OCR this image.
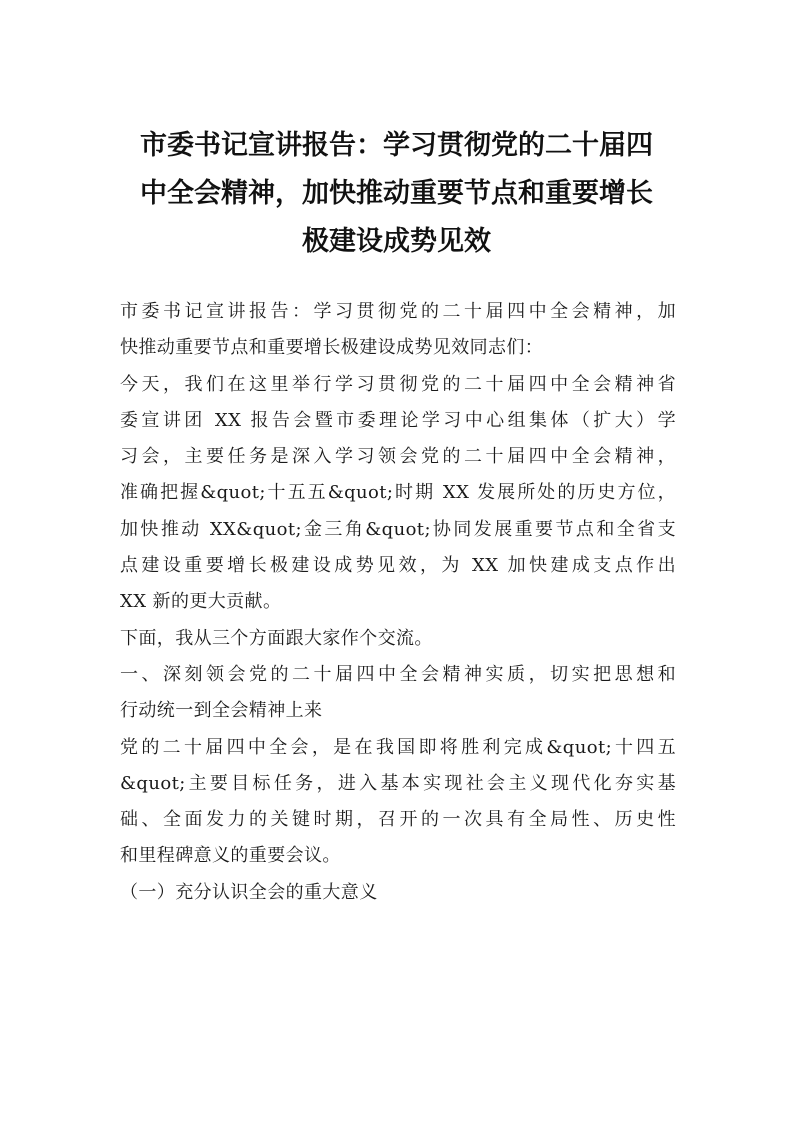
市委书记宣讲报告：学习贯彻党的二十届四
中全会精神，加快推动重要节点和重要增长
极建设成势见效
市委书记宣讲报告：学习贯彻党的二十届四中全会精神，加
快推动重要节点和重要增长极建设成势见效同志们：
今天，我们在这里举行学习贯彻党的二十届四中全会精神省
委宣讲团 XX 报告会暨市委理论学习中心组集体（扩大）学
习会，主要任务是深入学习领会党的二十届四中全会精神，
准确把握&quot;十五五&quot;时期 XX 发展所处的历史方位，
加快推动 XX&quot;金三角&quot;协同发展重要节点和全省支
点建设重要增长极建设成势见效，为 XX 加快建成支点作出
XX 新的更大贡献。
下面，我从三个方面跟大家作个交流。
一、深刻领会党的二十届四中全会精神实质，切实把思想和
行动统一到全会精神上来
党的二十届四中全会，是在我国即将胜利完成&quot;十四五
&quot;主要目标任务，进入基本实现社会主义现代化夯实基
础、全面发力的关键时期，召开的一次具有全局性、历史性
和里程碑意义的重要会议。
（一）充分认识全会的重大意义
